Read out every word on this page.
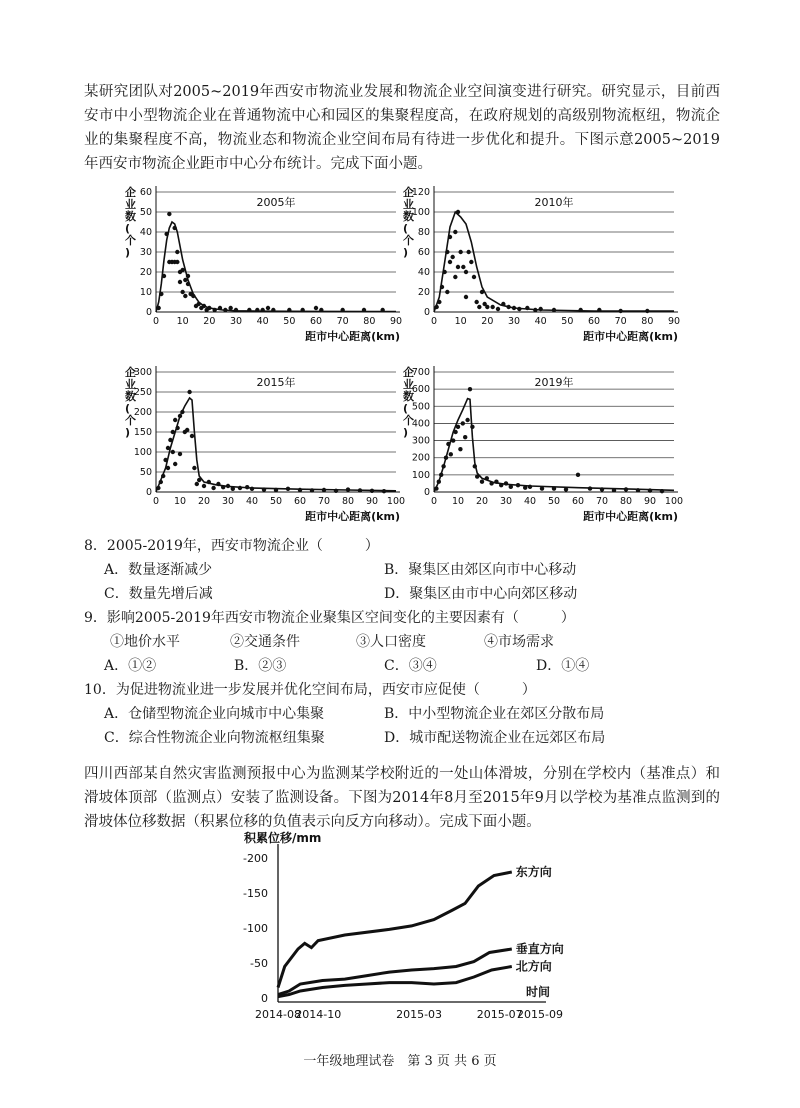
某研究团队对2005~2019年西安市物流业发展和物流企业空间演变进行研究。研究显示，目前西安市中小型物流企业在普通物流中心和园区的集聚程度高，在政府规划的高级别物流枢纽，物流企业的集聚程度不高，物流业态和物流企业空间布局有待进一步优化和提升。下图示意2005~2019年西安市物流企业距市中心分布统计。完成下面小题。
0
10
20
30
40
50
60
0 10 20 30 40 50 60 70 80 90
2005年
企业数(个)
距市中心距离(km)
0
20
40
60
80
100
120
0 10 20 30 40 50 60 70 80 90
2010年
企业数(个)
距市中心距离(km)
0
50
100
150
200
250
300
0 10 20 30 40 50 60 70 80 90 100
2015年
企业数(个)
距市中心距离(km)
0
100
200
300
400
500
600
700
0 10 20 30 40 50 60 70 80 90 100
2019年
企业数(个)
距市中心距离(km)
8．2005-2019年，西安市物流企业（　　　）
A．数量逐渐减少	B．聚集区由郊区向市中心移动
C．数量先增后减	D．聚集区由市中心向郊区移动
9．影响2005-2019年西安市物流企业聚集区空间变化的主要因素有（　　　）
①地价水平	②交通条件	③人口密度	④市场需求
A．①②	B．②③	C．③④	D．①④
10．为促进物流业进一步发展并优化空间布局，西安市应促使（　　　）
A．仓储型物流企业向城市中心集聚	B．中小型物流企业在郊区分散布局
C．综合性物流企业向物流枢纽集聚	D．城市配送物流企业在远郊区布局
四川西部某自然灾害监测预报中心为监测某学校附近的一处山体滑坡，分别在学校内（基准点）和滑坡体顶部（监测点）安装了监测设备。下图为2014年8月至2015年9月以学校为基准点监测到的滑坡体位移数据（积累位移的负值表示向反方向移动）。完成下面小题。
-200
-150
-100
-50
0
积累位移/mm
时间
2014-08
2014-10	2015-03	2015-07
2015-09
东方向
垂直方向
北方向
一年级地理试卷　第 3 页 共 6 页
